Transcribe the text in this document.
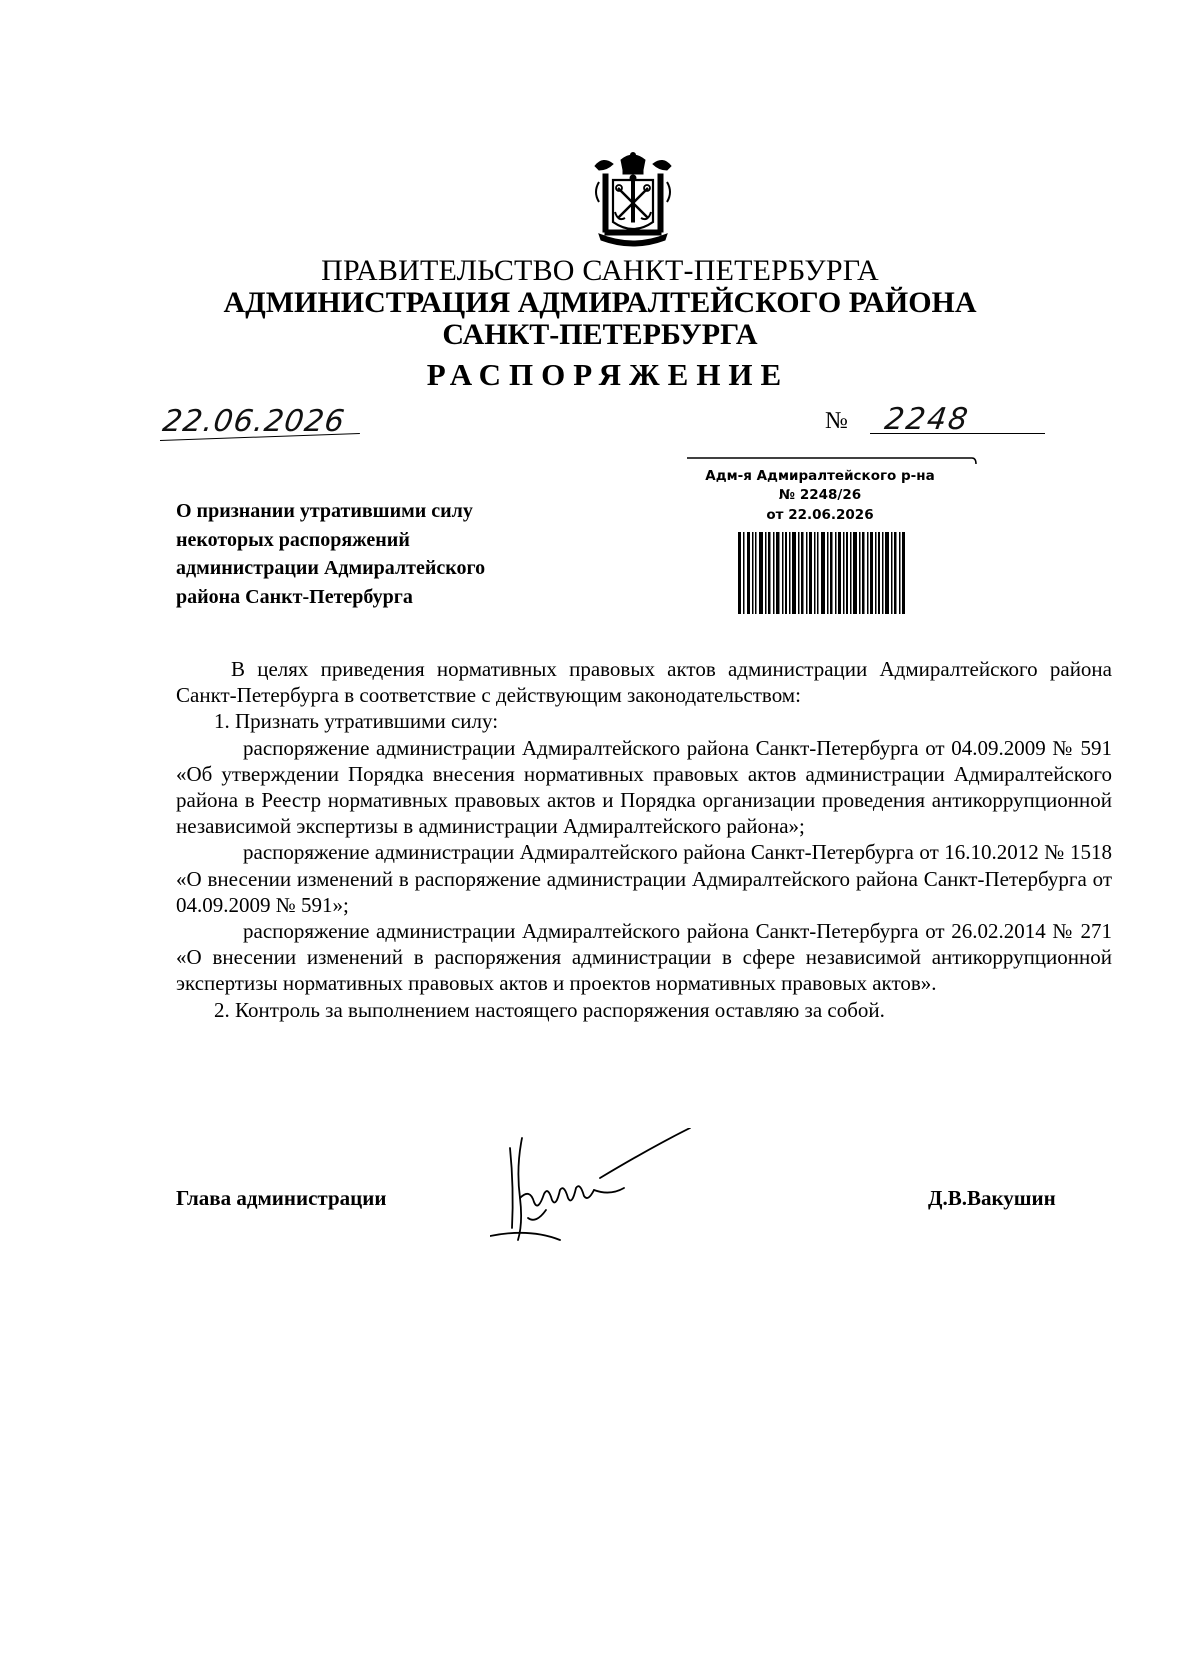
ПРАВИТЕЛЬСТВО САНКТ-ПЕТЕРБУРГА

АДМИНИСТРАЦИЯ АДМИРАЛТЕЙСКОГО РАЙОНА

САНКТ-ПЕТЕРБУРГА

РАСПОРЯЖЕНИЕ

22.06.2026	№ 2248
Адм-я Адмиралтейского р-на
№ 2248/26
от 22.06.2026
О признании утратившими силу
некоторых распоряжений
администрации Адмиралтейского
района Санкт-Петербурга

В целях приведения нормативных правовых актов администрации Адмиралтейского района Санкт-Петербурга в соответствие с действующим законодательством:

1. Признать утратившими силу:

распоряжение администрации Адмиралтейского района Санкт-Петербурга от 04.09.2009 № 591 «Об утверждении Порядка внесения нормативных правовых актов администрации Адмиралтейского района в Реестр нормативных правовых актов и Порядка организации проведения антикоррупционной независимой экспертизы в администрации Адмиралтейского района»;

распоряжение администрации Адмиралтейского района Санкт-Петербурга от 16.10.2012 № 1518 «О внесении изменений в распоряжение администрации Адмиралтейского района Санкт-Петербурга от 04.09.2009 № 591»;

распоряжение администрации Адмиралтейского района Санкт-Петербурга от 26.02.2014 № 271 «О внесении изменений в распоряжения администрации в сфере независимой антикоррупционной экспертизы нормативных правовых актов и проектов нормативных правовых актов».

2. Контроль за выполнением настоящего распоряжения оставляю за собой.

Глава администрации	Д.В.Вакушин
